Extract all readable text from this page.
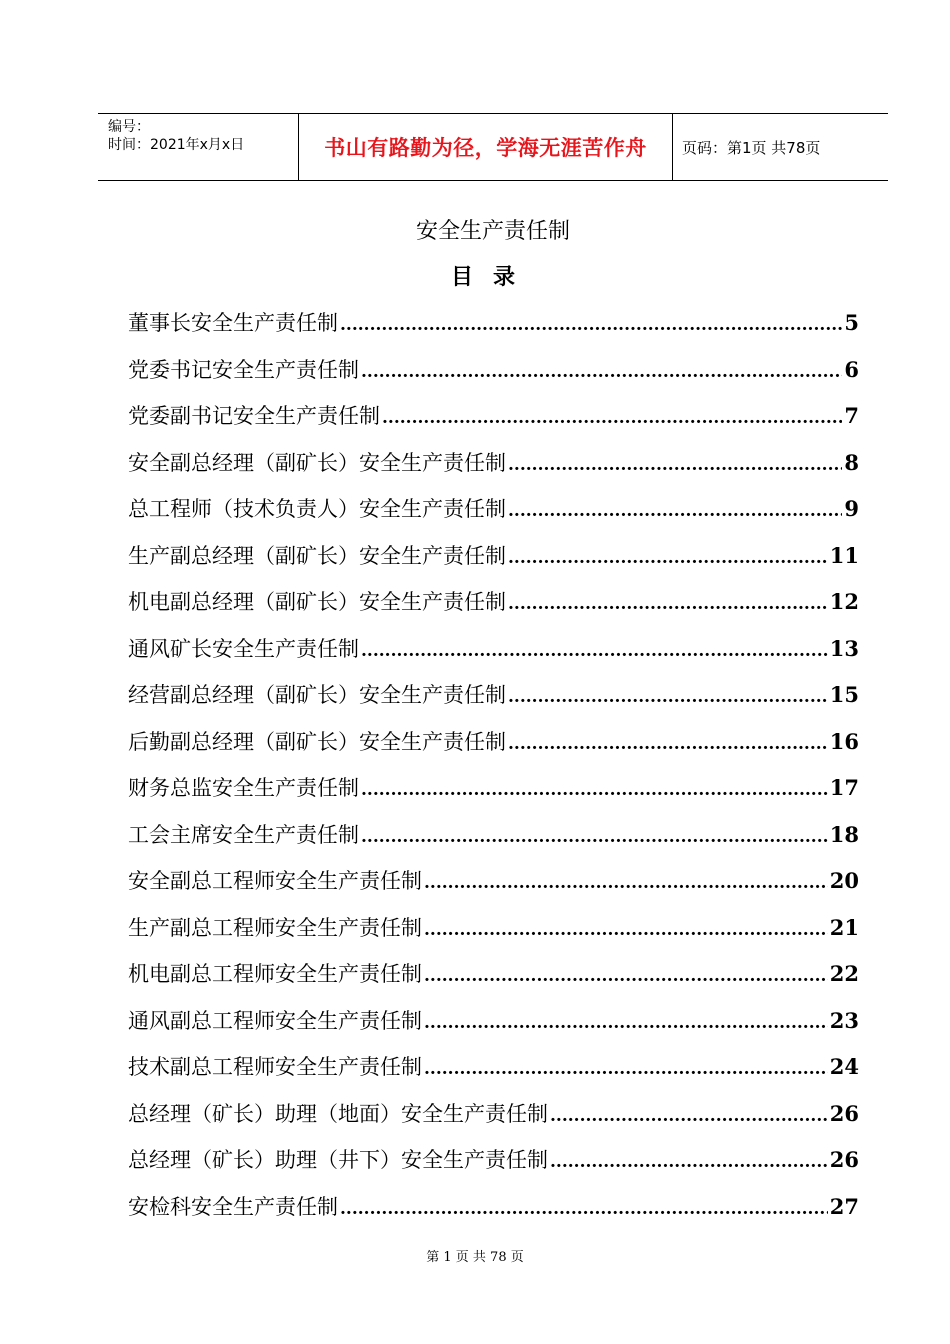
编号：
时间：2021年x月x日	书山有路勤为径，学海无涯苦作舟 页码：第1页 共78页
安全生产责任制
目录
董事长安全生产责任制 .....	5
党委书记安全生产责任制 .....	6
党委副书记安全生产责任制 .....	7
安全副总经理（副矿长）安全生产责任制 .....	8
总工程师（技术负责人）安全生产责任制 .....	9
生产副总经理（副矿长）安全生产责任制 .....	11
机电副总经理（副矿长）安全生产责任制 .....	12
通风矿长安全生产责任制 .....	13
经营副总经理（副矿长）安全生产责任制 .....	15
后勤副总经理（副矿长）安全生产责任制 .....	16
财务总监安全生产责任制 .....	17
工会主席安全生产责任制 .....	18
安全副总工程师安全生产责任制 .....	20
生产副总工程师安全生产责任制 .....	21
机电副总工程师安全生产责任制 .....	22
通风副总工程师安全生产责任制 .....	23
技术副总工程师安全生产责任制 .....	24
总经理（矿长）助理（地面）安全生产责任制 .....	26
总经理（矿长）助理（井下）安全生产责任制 .....	26
安检科安全生产责任制 .....	27
第 1 页 共 78 页
